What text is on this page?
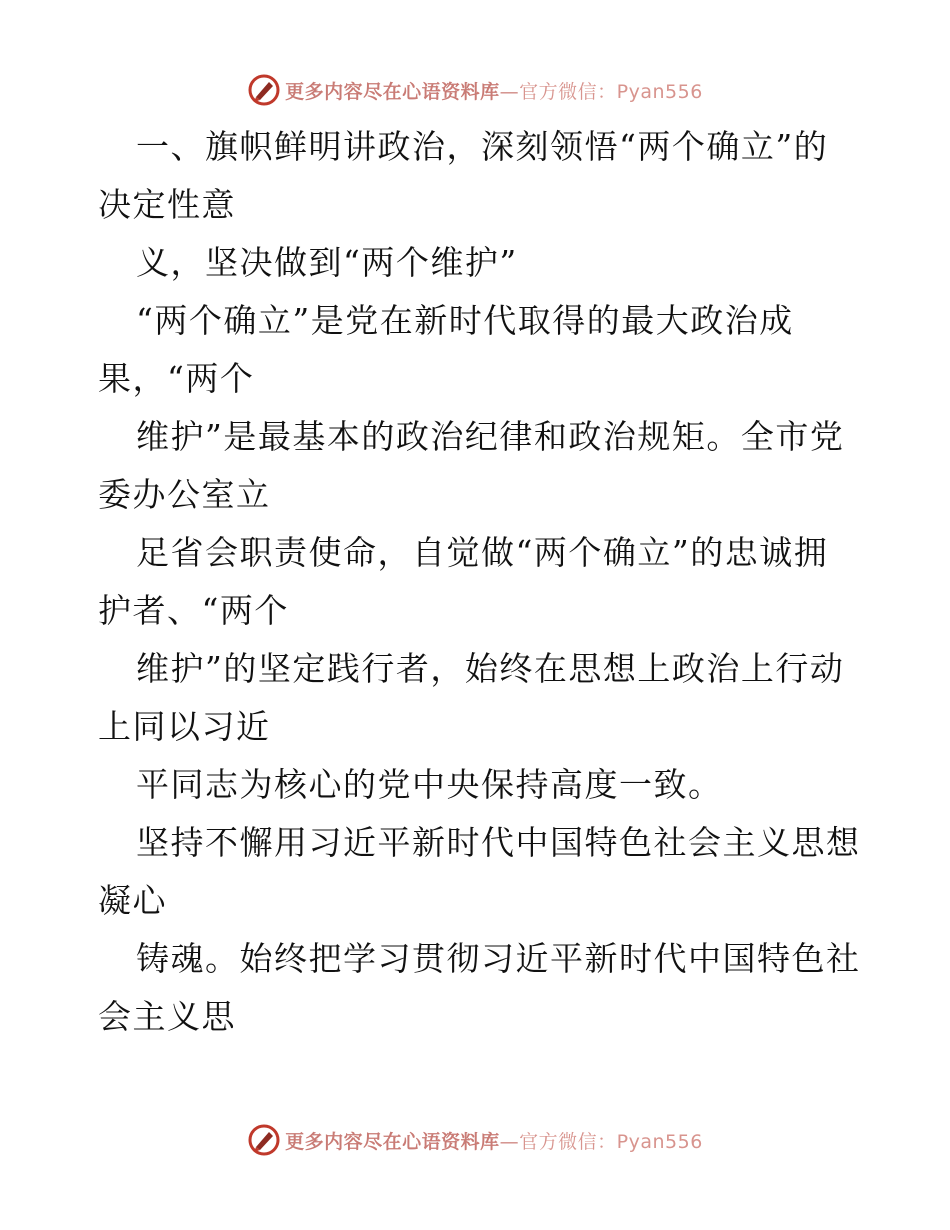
更多内容尽在心语资料库—官方微信：Pyan556
一、旗帜鲜明讲政治，深刻领悟“两个确立”的
决定性意
义，坚决做到“两个维护”
“两个确立”是党在新时代取得的最大政治成
果，“两个
维护”是最基本的政治纪律和政治规矩。全市党
委办公室立
足省会职责使命，自觉做“两个确立”的忠诚拥
护者、“两个
维护”的坚定践行者，始终在思想上政治上行动
上同以习近
平同志为核心的党中央保持高度一致。
坚持不懈用习近平新时代中国特色社会主义思想
凝心
铸魂。始终把学习贯彻习近平新时代中国特色社
会主义思
更多内容尽在心语资料库—官方微信：Pyan556
